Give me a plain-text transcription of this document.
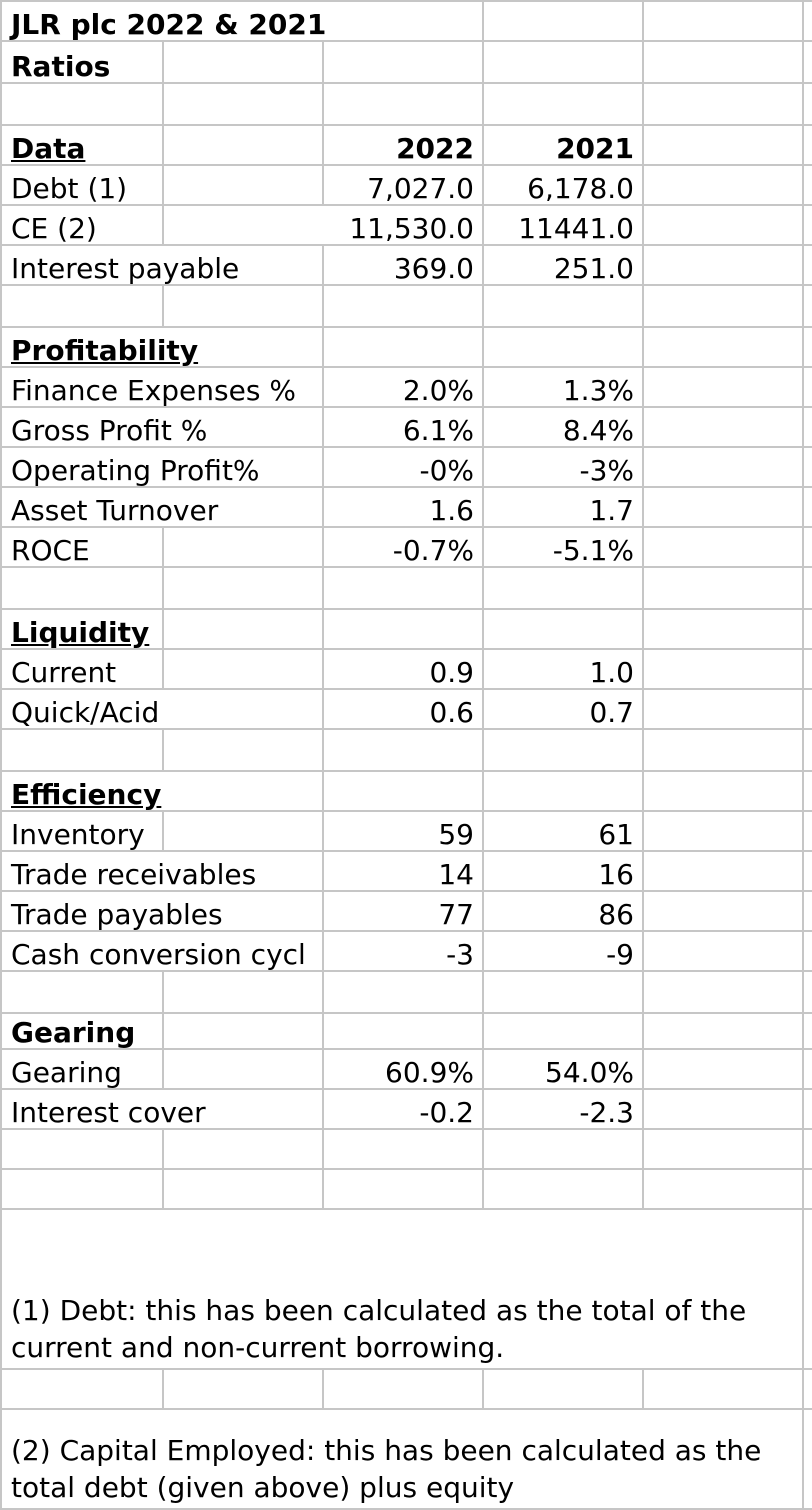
JLR plc 2022 & 2021					
Ratios					

Data		2022	2021		
Debt (1)		7,027.0	6,178.0		
CE (2)		11,530.0	11441.0		
Interest payable		369.0	251.0		

Profitability					
Finance Expenses %		2.0%	1.3%		
Gross Profit %		6.1%	8.4%		
Operating Profit%		-0%	-3%		
Asset Turnover		1.6	1.7		
ROCE		-0.7%	-5.1%		

Liquidity					
Current		0.9	1.0		
Quick/Acid		0.6	0.7		

Efficiency					
Inventory		59	61		
Trade receivables		14	16		
Trade payables		77	86		
Cash conversion cycl		-3	-9		

Gearing					
Gearing		60.9%	54.0%		
Interest cover		-0.2	-2.3		

(1) Debt: this has been calculated as the total of the current and non-current borrowing.					

(2) Capital Employed: this has been calculated as the total debt (given above) plus equity					
